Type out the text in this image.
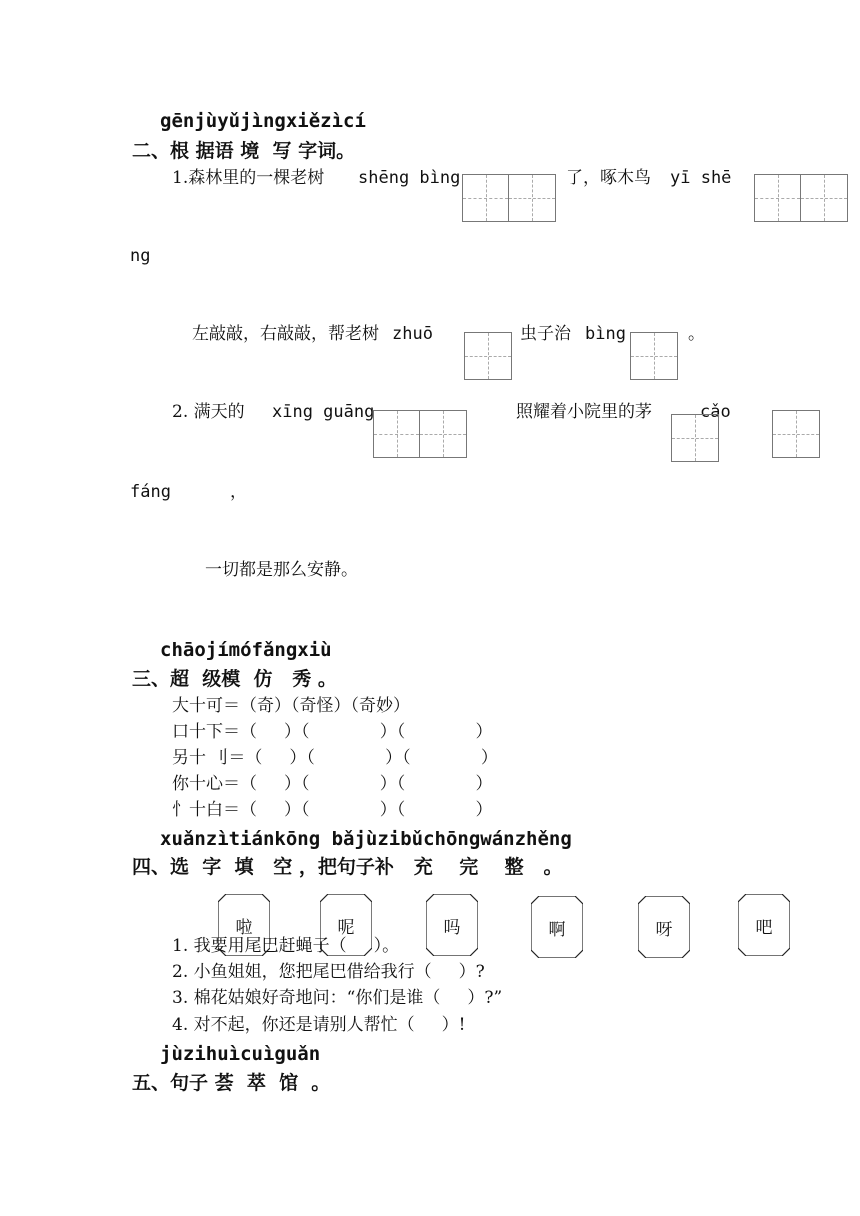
gēnjùyǔjìngxiězìcí
二、根 据语 境  写 字词。
1.森林里的一棵老树 shēng bìng	了，啄木鸟 yī shē
ng
左敲敲，右敲敲，帮老树 zhuō	虫子治 bìng	。
2. 满天的 xīng guāng	照耀着小院里的茅	cǎo
fáng	，
一切都是那么安静。
chāojímófǎngxiù
三、超  级模  仿   秀 。
大十可＝（奇）（奇怪）（奇妙）
口十下＝（     ）（             ）（             ）
另十 刂＝（     ）（             ）（             ）
你十心＝（     ）（             ）（             ）
忄十白＝（     ）（             ）（             ）
xuǎnzìtiánkōng bǎjùzibǔchōngwánzhěng
四、选  字  填   空 ，把句子补   充    完    整   。
啦	呢	吗	啊	呀	吧
1. 我要用尾巴赶蝇子（     ）。
2. 小鱼姐姐，您把尾巴借给我行（     ）?
3. 棉花姑娘好奇地问：“你们是谁（     ）?”
4. 对不起，你还是请别人帮忙（     ）!
jùzihuìcuìguǎn
五、句子 荟  萃  馆  。
